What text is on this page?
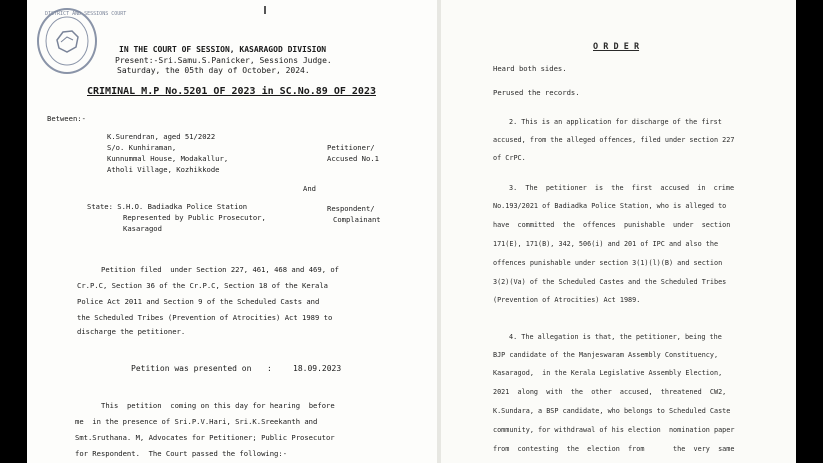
DISTRICT AND SESSIONS COURT
IN THE COURT OF SESSION, KASARAGOD DIVISION
Present:-Sri.Samu.S.Panicker, Sessions Judge.
Saturday, the 05th day of October, 2024.
CRIMINAL M.P No.5201 OF 2023 in SC.No.89 OF 2023
Between:-
K.Surendran, aged 51/2022
S/o. Kunhiraman,
Kunnummal House, Modakallur,
Atholi Village, Kozhikkode
Petitioner/
Accused No.1
And
State: S.H.O. Badiadka Police Station
Represented by Public Prosecutor,
Kasaragod
Respondent/
Complainant
Petition filed  under Section 227, 461, 468 and 469, of
Cr.P.C, Section 36 of the Cr.P.C, Section 18 of the Kerala
Police Act 2011 and Section 9 of the Scheduled Casts and
the Scheduled Tribes (Prevention of Atrocities) Act 1989 to
discharge the petitioner.
Petition was presented on :	18.09.2023
This  petition  coming on this day for hearing  before
me  in the presence of Sri.P.V.Hari, Sri.K.Sreekanth and
Smt.Sruthana. M, Advocates for Petitioner; Public Prosecutor
for Respondent.  The Court passed the following:-
O R D E R
Heard both sides.
Perused the records.
2. This is an application for discharge of the first
accused, from the alleged offences, filed under section 227
of CrPC.
3.  The  petitioner  is  the  first  accused  in  crime
No.193/2021 of Badiadka Police Station, who is alleged to
have  committed  the  offences  punishable  under  section
171(E), 171(B), 342, 506(i) and 201 of IPC and also the
offences punishable under section 3(1)(l)(B) and section
3(2)(Va) of the Scheduled Castes and the Scheduled Tribes
(Prevention of Atrocities) Act 1989.
4. The allegation is that, the petitioner, being the
BJP candidate of the Manjeswaram Assembly Constituency,
Kasaragod,  in the Kerala Legislative Assembly Election,
2021  along  with  the  other  accused,  threatened  CW2,
K.Sundara, a BSP candidate, who belongs to Scheduled Caste
community, for withdrawal of his election  nomination paper
from  contesting  the  election  from       the  very  same
